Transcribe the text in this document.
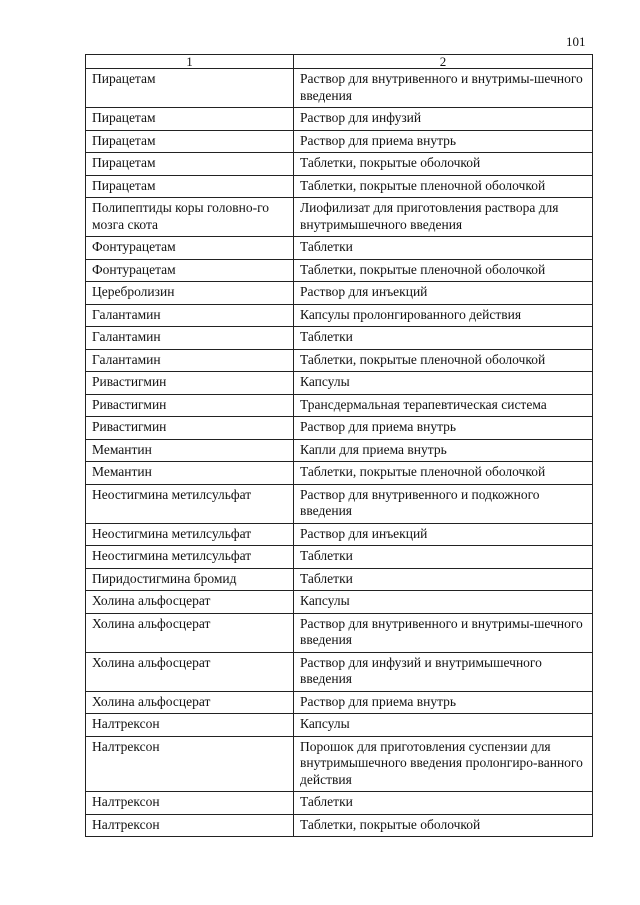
101
1	2
Пирацетам	Раствор для внутривенного и внутримы-шечного введения
Пирацетам	Раствор для инфузий
Пирацетам	Раствор для приема внутрь
Пирацетам	Таблетки, покрытые оболочкой
Пирацетам	Таблетки, покрытые пленочной оболочкой
Полипептиды коры головно-го мозга скота	Лиофилизат для приготовления раствора для внутримышечного введения
Фонтурацетам	Таблетки
Фонтурацетам	Таблетки, покрытые пленочной оболочкой
Церебролизин	Раствор для инъекций
Галантамин	Капсулы пролонгированного действия
Галантамин	Таблетки
Галантамин	Таблетки, покрытые пленочной оболочкой
Ривастигмин	Капсулы
Ривастигмин	Трансдермальная терапевтическая система
Ривастигмин	Раствор для приема внутрь
Мемантин	Капли для приема внутрь
Мемантин	Таблетки, покрытые пленочной оболочкой
Неостигмина метилсульфат	Раствор для внутривенного и подкожного введения
Неостигмина метилсульфат	Раствор для инъекций
Неостигмина метилсульфат	Таблетки
Пиридостигмина бромид	Таблетки
Холина альфосцерат	Капсулы
Холина альфосцерат	Раствор для внутривенного и внутримы-шечного введения
Холина альфосцерат	Раствор для инфузий и внутримышечного введения
Холина альфосцерат	Раствор для приема внутрь
Налтрексон	Капсулы
Налтрексон	Порошок для приготовления суспензии для внутримышечного введения пролонгиро-ванного действия
Налтрексон	Таблетки
Налтрексон	Таблетки, покрытые оболочкой
